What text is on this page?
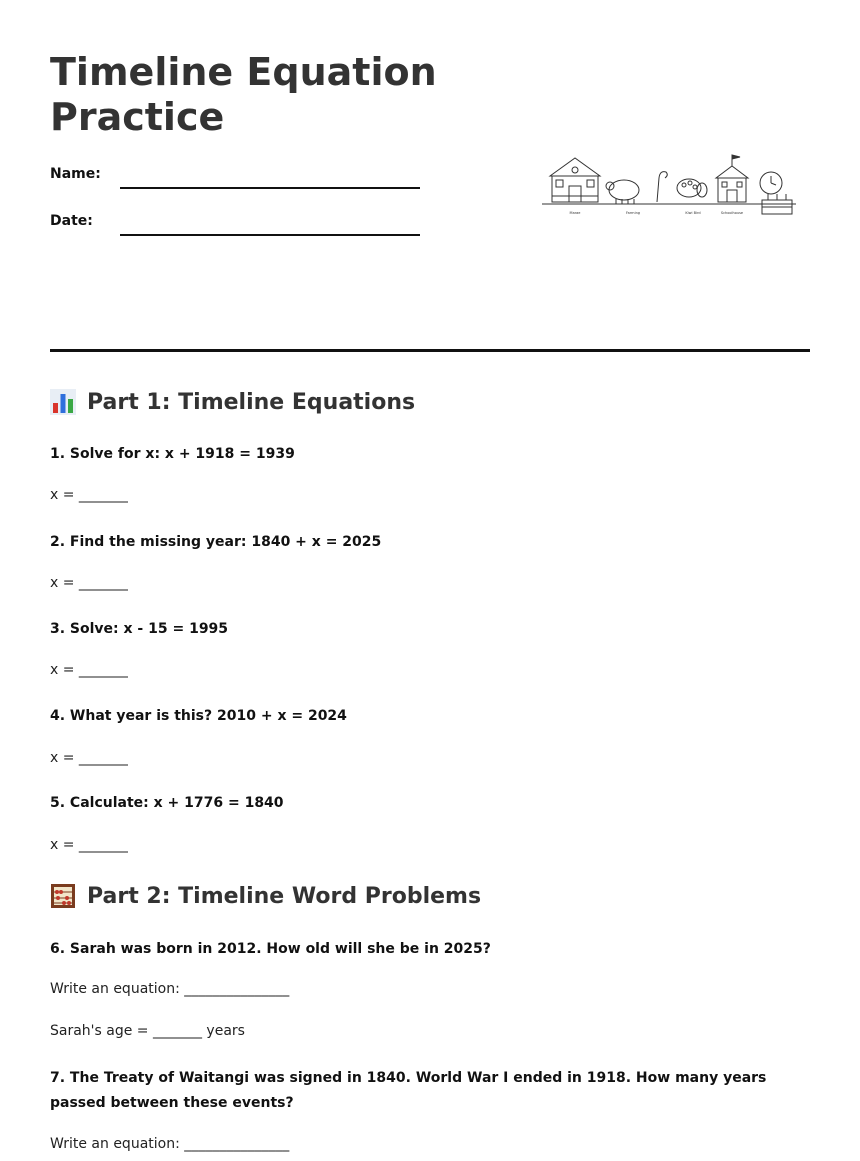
Timeline Equation
Practice
Name:
Date:	Marae	Farming	Kiwi Bird	Schoolhouse
Part 1: Timeline Equations
1. Solve for x: x + 1918 = 1939
x = _______
2. Find the missing year: 1840 + x = 2025
x = _______
3. Solve: x - 15 = 1995
x = _______
4. What year is this? 2010 + x = 2024
x = _______
5. Calculate: x + 1776 = 1840
x = _______
Part 2: Timeline Word Problems
6. Sarah was born in 2012. How old will she be in 2025?
Write an equation: _______________
Sarah's age = _______ years
7. The Treaty of Waitangi was signed in 1840. World War I ended in 1918. How many years passed between these events?
Write an equation: _______________
